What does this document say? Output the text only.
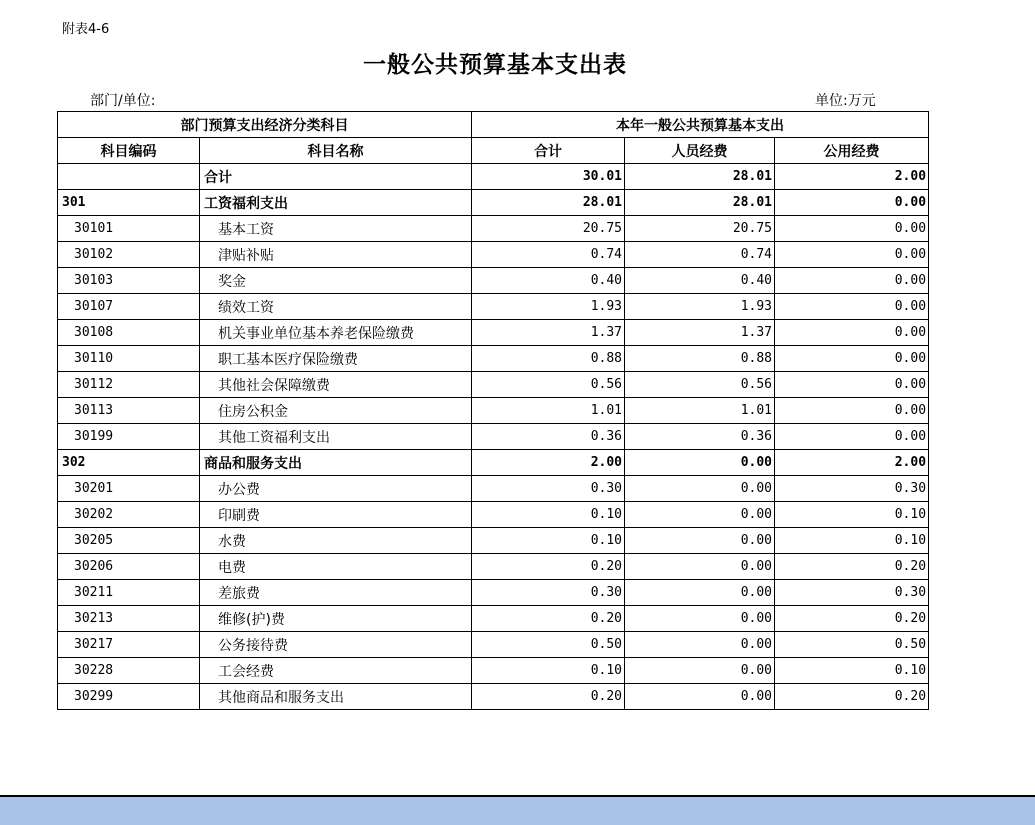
附表4-6
一般公共预算基本支出表
部门/单位:	单位:万元
部门预算支出经济分类科目		本年一般公共预算基本支出		
科目编码	科目名称	合计	人员经费	公用经费
	合计	30.01	28.01	2.00
301	工资福利支出	28.01	28.01	0.00
30101	基本工资	20.75	20.75	0.00
30102	津贴补贴	0.74	0.74	0.00
30103	奖金	0.40	0.40	0.00
30107	绩效工资	1.93	1.93	0.00
30108	机关事业单位基本养老保险缴费	1.37	1.37	0.00
30110	职工基本医疗保险缴费	0.88	0.88	0.00
30112	其他社会保障缴费	0.56	0.56	0.00
30113	住房公积金	1.01	1.01	0.00
30199	其他工资福利支出	0.36	0.36	0.00
302	商品和服务支出	2.00	0.00	2.00
30201	办公费	0.30	0.00	0.30
30202	印刷费	0.10	0.00	0.10
30205	水费	0.10	0.00	0.10
30206	电费	0.20	0.00	0.20
30211	差旅费	0.30	0.00	0.30
30213	维修(护)费	0.20	0.00	0.20
30217	公务接待费	0.50	0.00	0.50
30228	工会经费	0.10	0.00	0.10
30299	其他商品和服务支出	0.20	0.00	0.20
